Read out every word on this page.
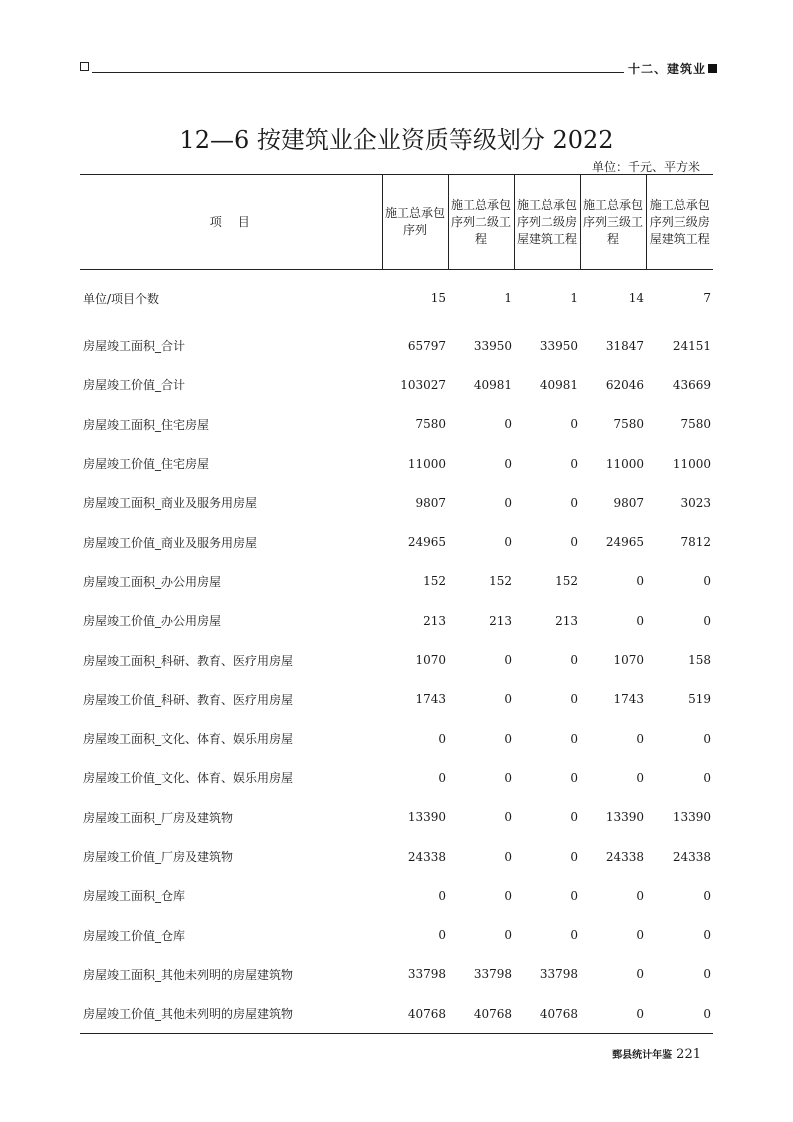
十二、建筑业
12—6 按建筑业企业资质等级划分 2022
单位：千元、平方米
项　目	施工总承包序列	施工总承包序列二级工程	施工总承包序列二级房屋建筑工程	施工总承包序列三级工程	施工总承包序列三级房屋建筑工程
单位/项目个数	15	1	1	14	7
房屋竣工面积_合计	65797	33950	33950	31847	24151
房屋竣工价值_合计	103027	40981	40981	62046	43669
房屋竣工面积_住宅房屋	7580	0	0	7580	7580
房屋竣工价值_住宅房屋	11000	0	0	11000	11000
房屋竣工面积_商业及服务用房屋	9807	0	0	9807	3023
房屋竣工价值_商业及服务用房屋	24965	0	0	24965	7812
房屋竣工面积_办公用房屋	152	152	152	0	0
房屋竣工价值_办公用房屋	213	213	213	0	0
房屋竣工面积_科研、教育、医疗用房屋	1070	0	0	1070	158
房屋竣工价值_科研、教育、医疗用房屋	1743	0	0	1743	519
房屋竣工面积_文化、体育、娱乐用房屋	0	0	0	0	0
房屋竣工价值_文化、体育、娱乐用房屋	0	0	0	0	0
房屋竣工面积_厂房及建筑物	13390	0	0	13390	13390
房屋竣工价值_厂房及建筑物	24338	0	0	24338	24338
房屋竣工面积_仓库	0	0	0	0	0
房屋竣工价值_仓库	0	0	0	0	0
房屋竣工面积_其他未列明的房屋建筑物	33798	33798	33798	0	0
房屋竣工价值_其他未列明的房屋建筑物	40768	40768	40768	0	0
鄄县统计年鉴 221
